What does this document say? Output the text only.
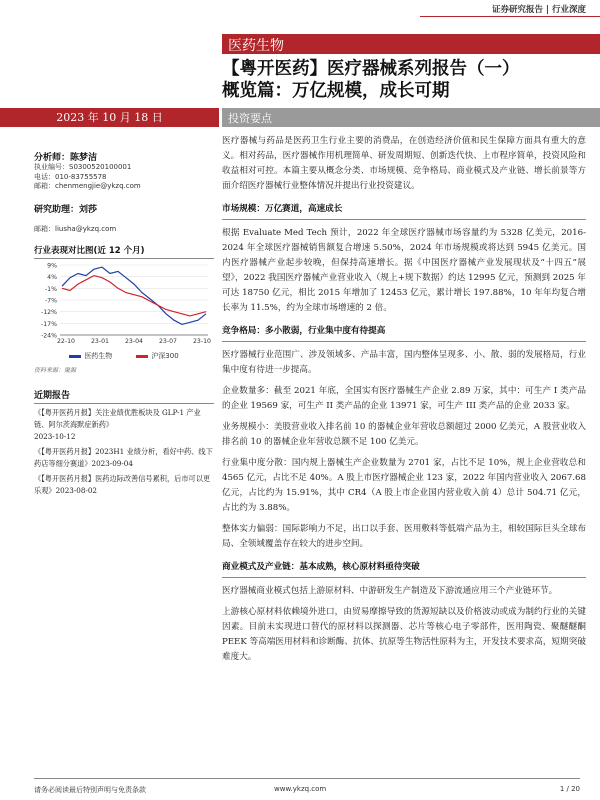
证券研究报告 | 行业深度
医药生物
【粤开医药】医疗器械系列报告（一）
概览篇：万亿规模，成长可期
2023 年 10 月 18 日	投资要点
分析师：陈梦洁
执业编号：S0300520100001
电话：010-83755578
邮箱：chenmengjie@ykzq.com
研究助理：刘莎
邮箱：liusha@ykzq.com
行业表现对比图(近 12 个月)
9%
4%
-1%
-7%
-12%
-17%
-24%
22-10	23-01	23-04	23-07	23-10
医药生物	沪深300
资料来源：聚源
近期报告
《【粤开医药月报】关注业绩优胜板块及 GLP-1 产业链、阿尔茨海默症新药》
2023-10-12
《【粤开医药月报】2023H1 业绩分析，看好中药、线下药店等细分赛道》2023-09-04
《【粤开医药月报】医药边际改善信号累积，后市可以更乐观》2023-08-02

医疗器械与药品是医药卫生行业主要的消费品，在创造经济价值和民生保障方面具有重大的意义。相对药品，医疗器械作用机理简单、研发周期短、创新迭代快、上市程序简单，投资风险和收益相对可控。本篇主要从概念分类、市场规模、竞争格局、商业模式及产业链、增长前景等方面介绍医疗器械行业整体情况并提出行业投资建议。

市场规模：万亿赛道，高速成长

根据 Evaluate Med Tech 预计，2022 年全球医疗器械市场容量约为 5328 亿美元，2016-2024 年全球医疗器械销售额复合增速 5.50%，2024 年市场规模或将达到 5945 亿美元。国内医疗器械产业起步较晚，但保持高速增长。据《中国医疗器械产业发展现状及“十四五”展望》，2022 我国医疗器械产业营业收入（规上+规下数据）约达 12995 亿元，预测到 2025 年可达 18750 亿元，相比 2015 年增加了 12453 亿元，累计增长 197.88%，10 年年均复合增长率为 11.5%，约为全球市场增速的 2 倍。

竞争格局：多小散弱，行业集中度有待提高

医疗器械行业范围广、涉及领域多、产品丰富，国内整体呈现多、小、散、弱的发展格局，行业集中度有待进一步提高。

企业数量多：截至 2021 年底，全国实有医疗器械生产企业 2.89 万家，其中：可生产 I 类产品的企业 19569 家，可生产 II 类产品的企业 13971 家，可生产 III 类产品的企业 2033 家。

业务规模小：美股营业收入排名前 10 的器械企业年营收总额超过 2000 亿美元，A 股营业收入排名前 10 的器械企业年营收总额不足 100 亿美元。

行业集中度分散：国内规上器械生产企业数量为 2701 家，占比不足 10%，规上企业营收总和 4565 亿元，占比不足 40%。A 股上市医疗器械企业 123 家，2022 年国内营业收入 2067.68 亿元，占比约为 15.91%，其中 CR4（A 股上市企业国内营业收入前 4）总计 504.71 亿元，占比约为 3.88%。

整体实力偏弱：国际影响力不足，出口以手套、医用敷料等低端产品为主，相较国际巨头全球布局、全领域覆盖存在较大的进步空间。

商业模式及产业链：基本成熟，核心原材料亟待突破

医疗器械商业模式包括上游原材料、中游研发生产制造及下游流通应用三个产业链环节。

上游核心原材料依赖境外进口，由贸易摩擦导致的货源短缺以及价格波动或成为制约行业的关键因素。目前未实现进口替代的原材料以探测器、芯片等核心电子零部件，医用陶瓷、聚醚醚酮 PEEK 等高端医用材料和诊断酶、抗体、抗原等生物活性原料为主，开发技术要求高，短期突破难度大。

请务必阅读最后特别声明与免责条款	www.ykzq.com	1 / 20
